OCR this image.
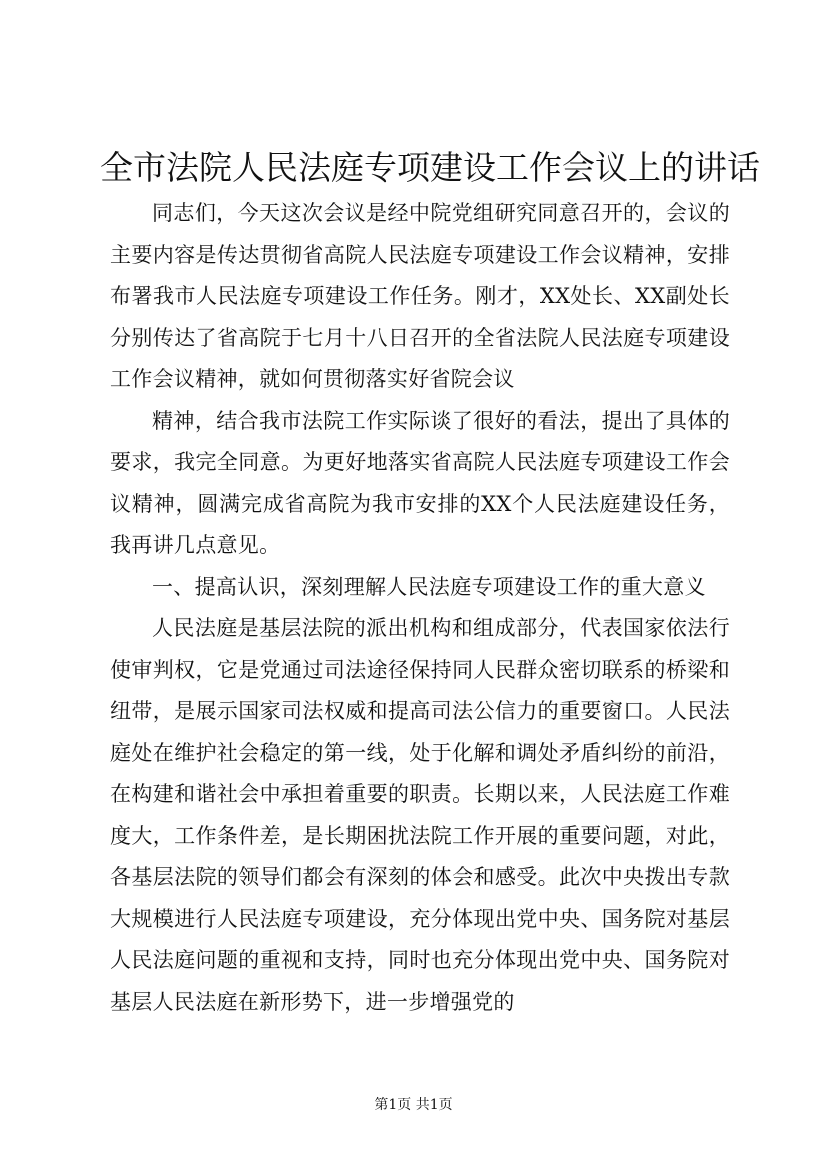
全市法院人民法庭专项建设工作会议上的讲话

同志们，今天这次会议是经中院党组研究同意召开的，会议的主要内容是传达贯彻省高院人民法庭专项建设工作会议精神，安排布署我市人民法庭专项建设工作任务。刚才，XX处长、XX副处长分别传达了省高院于七月十八日召开的全省法院人民法庭专项建设工作会议精神，就如何贯彻落实好省院会议

精神，结合我市法院工作实际谈了很好的看法，提出了具体的要求，我完全同意。为更好地落实省高院人民法庭专项建设工作会议精神，圆满完成省高院为我市安排的XX个人民法庭建设任务，我再讲几点意见。

一、提高认识，深刻理解人民法庭专项建设工作的重大意义

人民法庭是基层法院的派出机构和组成部分，代表国家依法行使审判权，它是党通过司法途径保持同人民群众密切联系的桥梁和纽带，是展示国家司法权威和提高司法公信力的重要窗口。人民法庭处在维护社会稳定的第一线，处于化解和调处矛盾纠纷的前沿，在构建和谐社会中承担着重要的职责。长期以来，人民法庭工作难度大，工作条件差，是长期困扰法院工作开展的重要问题，对此，各基层法院的领导们都会有深刻的体会和感受。此次中央拨出专款大规模进行人民法庭专项建设，充分体现出党中央、国务院对基层人民法庭问题的重视和支持，同时也充分体现出党中央、国务院对基层人民法庭在新形势下，进一步增强党的

第1页 共1页
